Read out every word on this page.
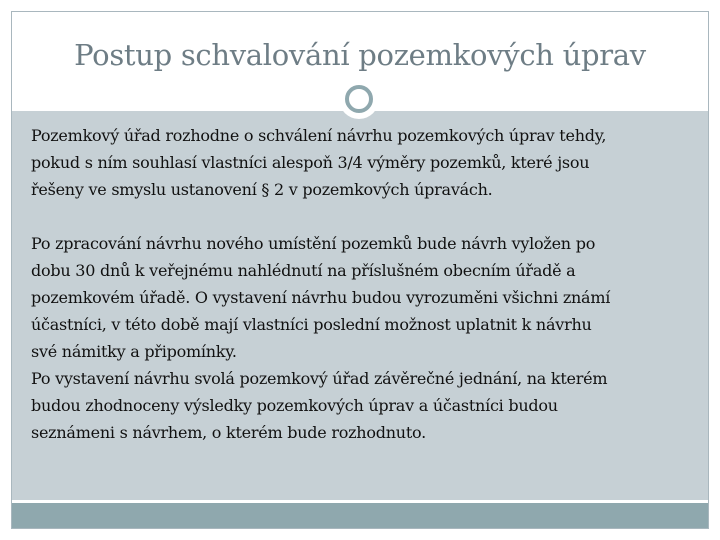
Postup schvalování pozemkových úprav

Pozemkový úřad rozhodne o schválení návrhu pozemkových úprav tehdy,
pokud s ním souhlasí vlastníci alespoň 3/4 výměry pozemků, které jsou
řešeny ve smyslu ustanovení § 2 v pozemkových úpravách.

Po zpracování návrhu nového umístění pozemků bude návrh vyložen po
dobu 30 dnů k veřejnému nahlédnutí na příslušném obecním úřadě a
pozemkovém úřadě. O vystavení návrhu budou vyrozuměni všichni známí
účastníci, v této době mají vlastníci poslední možnost uplatnit k návrhu
své námitky a připomínky.

Po vystavení návrhu svolá pozemkový úřad závěrečné jednání, na kterém
budou zhodnoceny výsledky pozemkových úprav a účastníci budou
seznámeni s návrhem, o kterém bude rozhodnuto.
